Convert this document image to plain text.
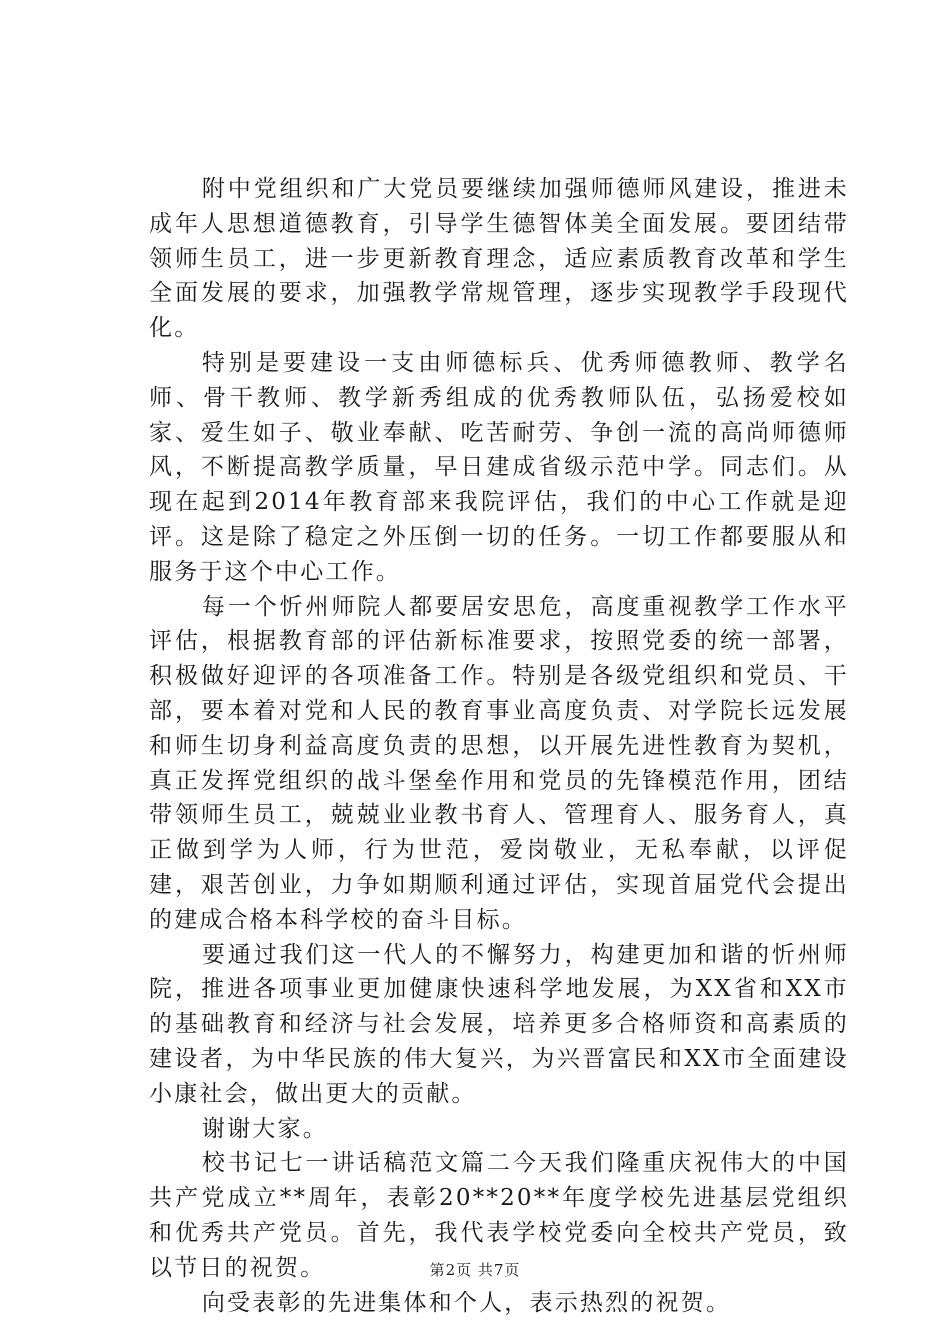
附中党组织和广大党员要继续加强师德师风建设，推进未成年人思想道德教育，引导学生德智体美全面发展。要团结带领师生员工，进一步更新教育理念，适应素质教育改革和学生全面发展的要求，加强教学常规管理，逐步实现教学手段现代化。

特别是要建设一支由师德标兵、优秀师德教师、教学名师、骨干教师、教学新秀组成的优秀教师队伍，弘扬爱校如家、爱生如子、敬业奉献、吃苦耐劳、争创一流的高尚师德师风，不断提高教学质量，早日建成省级示范中学。同志们。从现在起到2014年教育部来我院评估，我们的中心工作就是迎评。这是除了稳定之外压倒一切的任务。一切工作都要服从和服务于这个中心工作。

每一个忻州师院人都要居安思危，高度重视教学工作水平评估，根据教育部的评估新标准要求，按照党委的统一部署，积极做好迎评的各项准备工作。特别是各级党组织和党员、干部，要本着对党和人民的教育事业高度负责、对学院长远发展和师生切身利益高度负责的思想，以开展先进性教育为契机，真正发挥党组织的战斗堡垒作用和党员的先锋模范作用，团结带领师生员工，兢兢业业教书育人、管理育人、服务育人，真正做到学为人师，行为世范，爱岗敬业，无私奉献，以评促建，艰苦创业，力争如期顺利通过评估，实现首届党代会提出的建成合格本科学校的奋斗目标。

要通过我们这一代人的不懈努力，构建更加和谐的忻州师院，推进各项事业更加健康快速科学地发展，为XX省和XX市的基础教育和经济与社会发展，培养更多合格师资和高素质的建设者，为中华民族的伟大复兴，为兴晋富民和XX市全面建设小康社会，做出更大的贡献。

谢谢大家。

校书记七一讲话稿范文篇二今天我们隆重庆祝伟大的中国共产党成立**周年，表彰20**20**年度学校先进基层党组织和优秀共产党员。首先，我代表学校党委向全校共产党员，致以节日的祝贺。

向受表彰的先进集体和个人，表示热烈的祝贺。

第2页 共7页
